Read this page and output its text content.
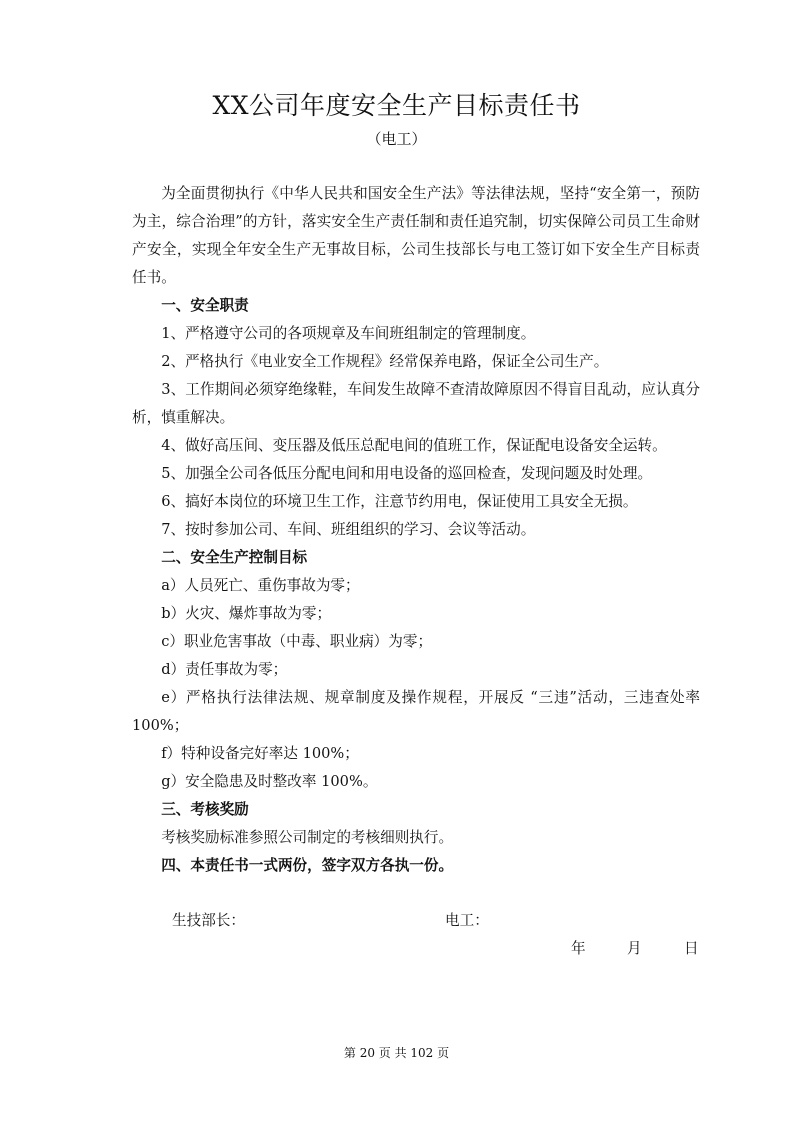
XX公司年度安全生产目标责任书
（电工）

为全面贯彻执行《中华人民共和国安全生产法》等法律法规，坚持“安全第一，预防为主，综合治理”的方针，落实安全生产责任制和责任追究制，切实保障公司员工生命财产安全，实现全年安全生产无事故目标，公司生技部长与电工签订如下安全生产目标责任书。

一、安全职责

1、严格遵守公司的各项规章及车间班组制定的管理制度。

2、严格执行《电业安全工作规程》经常保养电路，保证全公司生产。

3、工作期间必须穿绝缘鞋，车间发生故障不查清故障原因不得盲目乱动，应认真分析，慎重解决。

4、做好高压间、变压器及低压总配电间的值班工作，保证配电设备安全运转。

5、加强全公司各低压分配电间和用电设备的巡回检查，发现问题及时处理。

6、搞好本岗位的环境卫生工作，注意节约用电，保证使用工具安全无损。

7、按时参加公司、车间、班组组织的学习、会议等活动。

二、安全生产控制目标

a）人员死亡、重伤事故为零；

b）火灾、爆炸事故为零；

c）职业危害事故（中毒、职业病）为零；

d）责任事故为零；

e）严格执行法律法规、规章制度及操作规程，开展反 “三违”活动，三违查处率 100%；

f）特种设备完好率达 100%；

g）安全隐患及时整改率 100%。

三、考核奖励

考核奖励标准参照公司制定的考核细则执行。

四、本责任书一式两份，签字双方各执一份。

生技部长：	电工：
年	月	日
第 20 页 共 102 页
